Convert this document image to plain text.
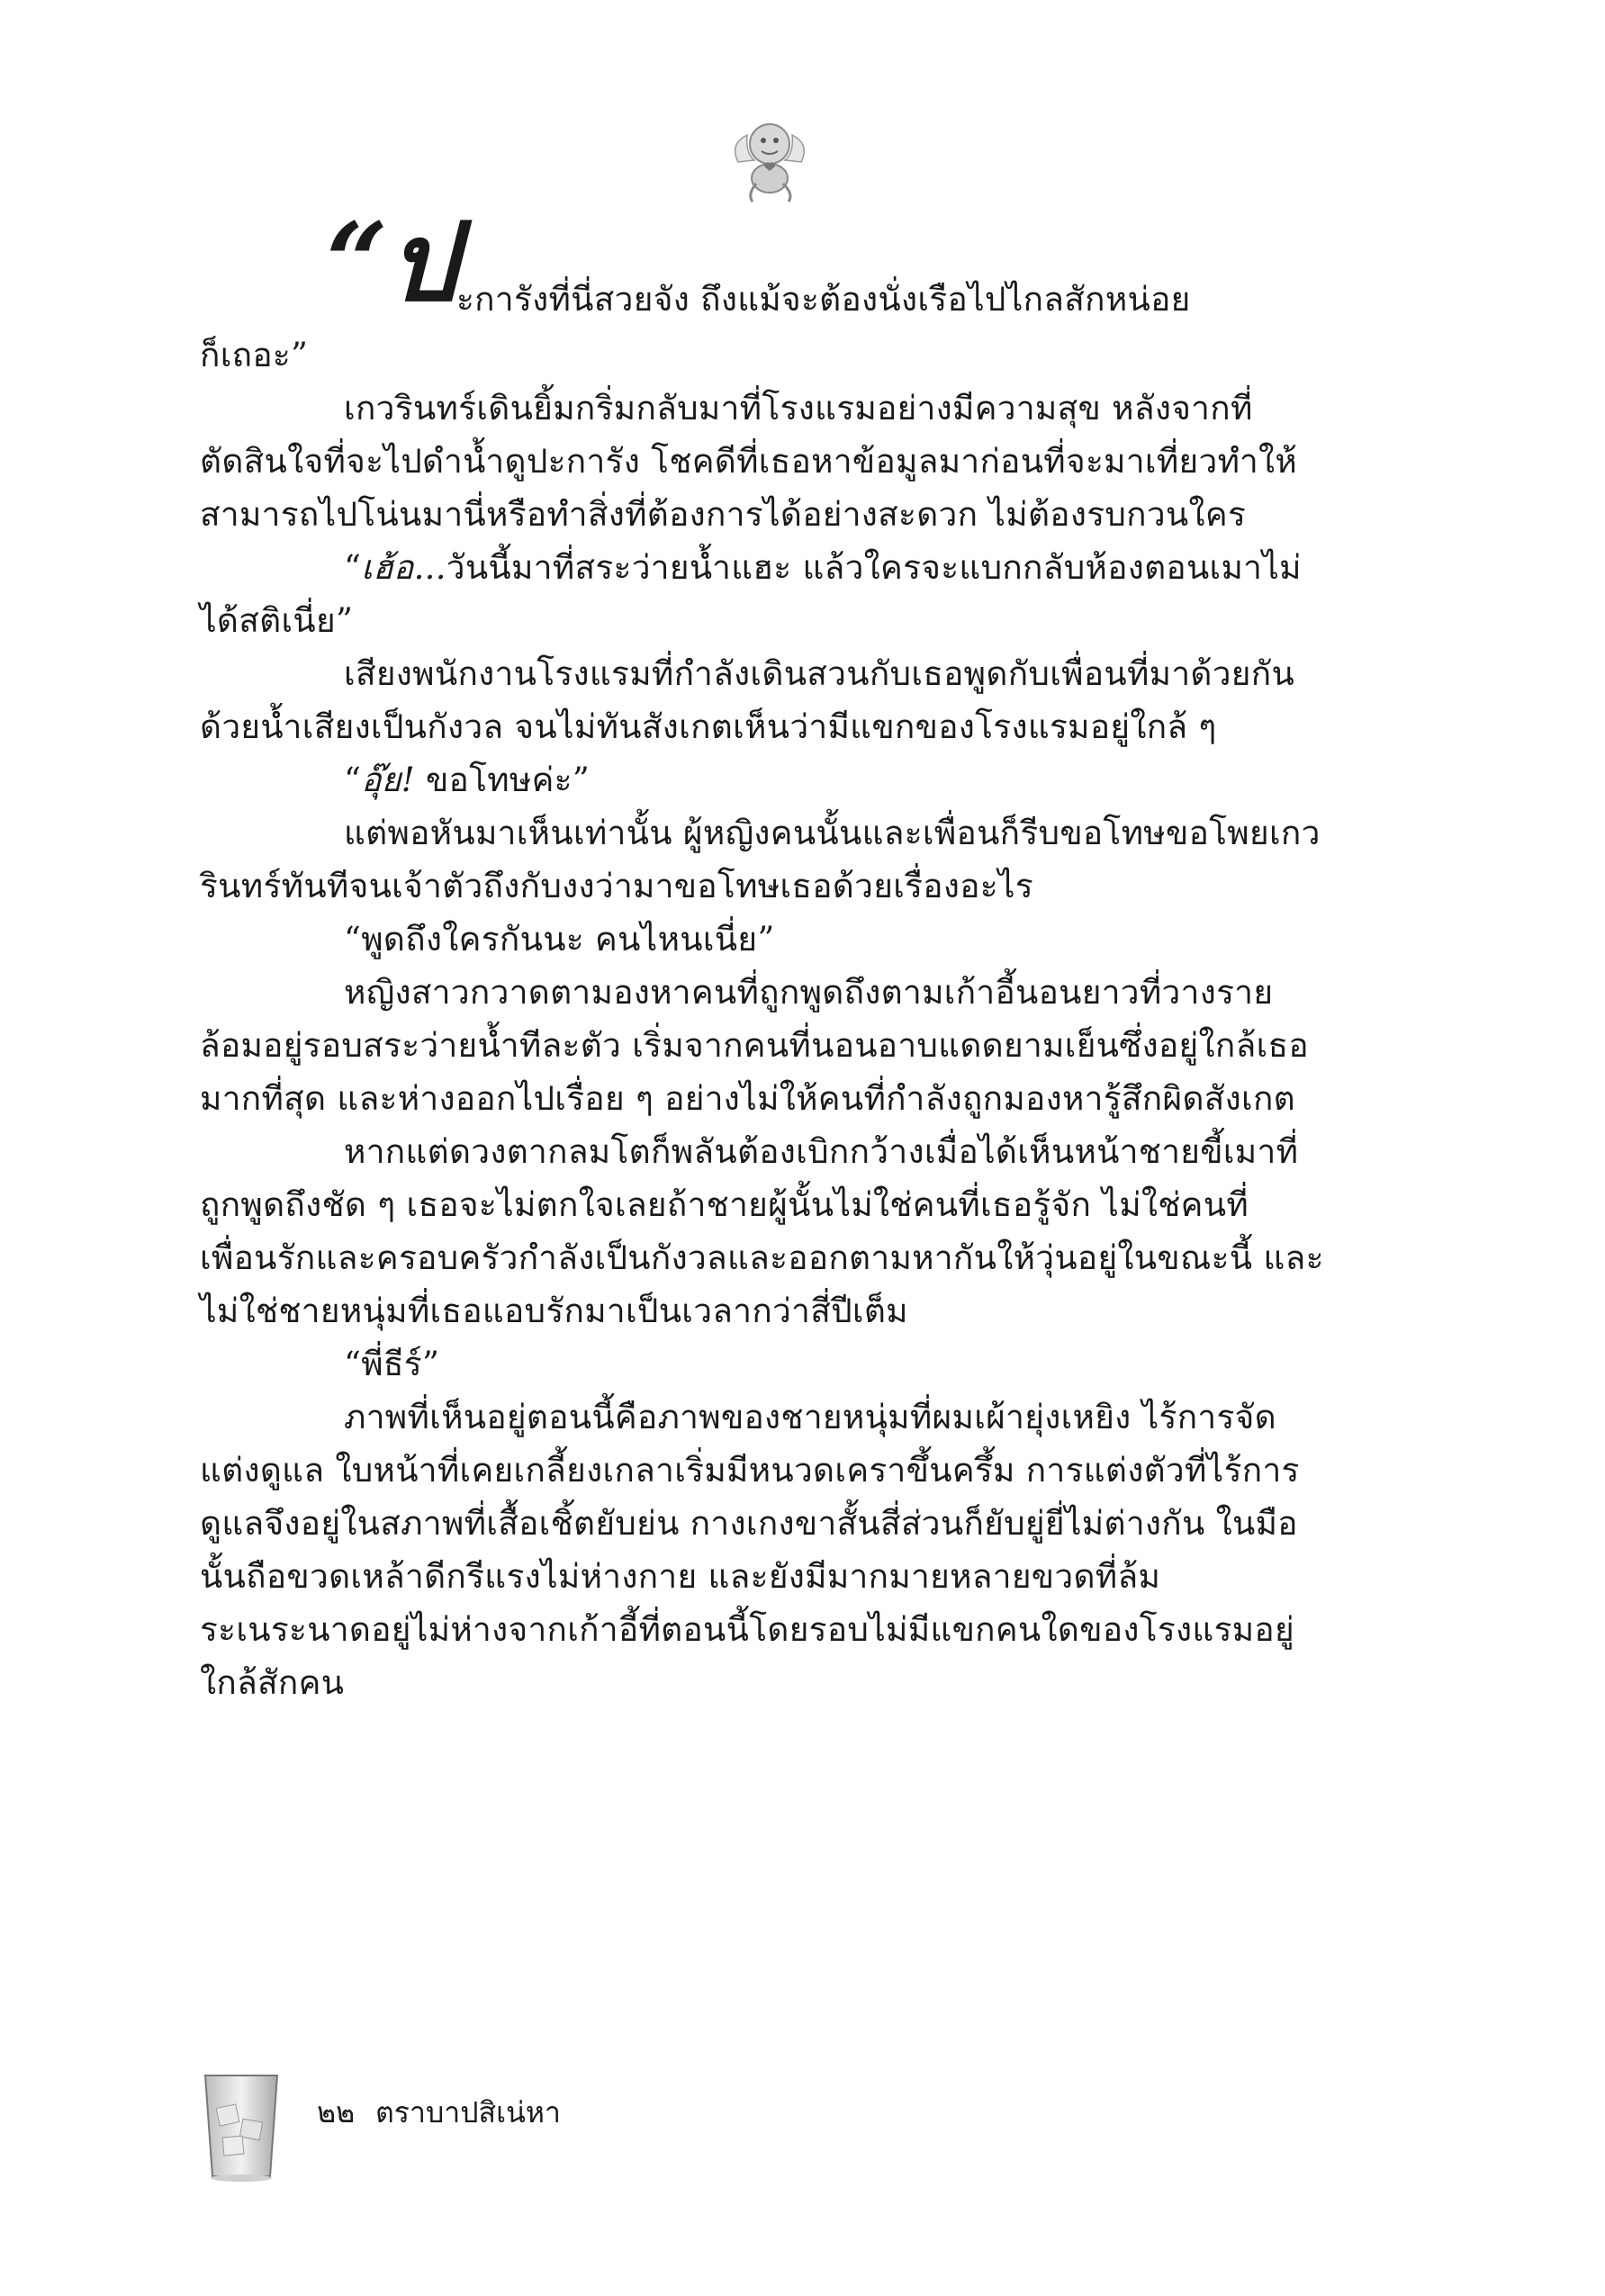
“ป ะการังที่นี่สวยจัง ถึงแม้จะต้องนั่งเรือไปไกลสักหน่อย

ก็เถอะ”

เกวรินทร์เดินยิ้มกริ่มกลับมาที่โรงแรมอย่างมีความสุข หลังจากที่ตัดสินใจที่จะไปดำน้ำดูปะการัง โชคดีที่เธอหาข้อมูลมาก่อนที่จะมาเที่ยวทำให้สามารถไปโน่นมานี่หรือทำสิ่งที่ต้องการได้อย่างสะดวก ไม่ต้องรบกวนใคร

“เฮ้อ...วันนี้มาที่สระว่ายน้ำแฮะ แล้วใครจะแบกกลับห้องตอนเมาไม่ได้สติเนี่ย”

เสียงพนักงานโรงแรมที่กำลังเดินสวนกับเธอพูดกับเพื่อนที่มาด้วยกันด้วยน้ำเสียงเป็นกังวล จนไม่ทันสังเกตเห็นว่ามีแขกของโรงแรมอยู่ใกล้ ๆ

“อุ๊ย! ขอโทษค่ะ”

แต่พอหันมาเห็นเท่านั้น ผู้หญิงคนนั้นและเพื่อนก็รีบขอโทษขอโพยเกวรินทร์ทันทีจนเจ้าตัวถึงกับงงว่ามาขอโทษเธอด้วยเรื่องอะไร

“พูดถึงใครกันนะ คนไหนเนี่ย”

หญิงสาวกวาดตามองหาคนที่ถูกพูดถึงตามเก้าอี้นอนยาวที่วางรายล้อมอยู่รอบสระว่ายน้ำทีละตัว เริ่มจากคนที่นอนอาบแดดยามเย็นซึ่งอยู่ใกล้เธอมากที่สุด และห่างออกไปเรื่อย ๆ อย่างไม่ให้คนที่กำลังถูกมองหารู้สึกผิดสังเกต

หากแต่ดวงตากลมโตก็พลันต้องเบิกกว้างเมื่อได้เห็นหน้าชายขี้เมาที่ถูกพูดถึงชัด ๆ เธอจะไม่ตกใจเลยถ้าชายผู้นั้นไม่ใช่คนที่เธอรู้จัก ไม่ใช่คนที่เพื่อนรักและครอบครัวกำลังเป็นกังวลและออกตามหากันให้วุ่นอยู่ในขณะนี้ และไม่ใช่ชายหนุ่มที่เธอแอบรักมาเป็นเวลากว่าสี่ปีเต็ม

“พี่ธีร์”

ภาพที่เห็นอยู่ตอนนี้คือภาพของชายหนุ่มที่ผมเผ้ายุ่งเหยิง ไร้การจัดแต่งดูแล ใบหน้าที่เคยเกลี้ยงเกลาเริ่มมีหนวดเคราขึ้นครึ้ม การแต่งตัวที่ไร้การดูแลจึงอยู่ในสภาพที่เสื้อเชิ้ตยับย่น กางเกงขาสั้นสี่ส่วนก็ยับยู่ยี่ไม่ต่างกัน ในมือนั้นถือขวดเหล้าดีกรีแรงไม่ห่างกาย และยังมีมากมายหลายขวดที่ล้มระเนระนาดอยู่ไม่ห่างจากเก้าอี้ที่ตอนนี้โดยรอบไม่มีแขกคนใดของโรงแรมอยู่ใกล้สักคน

๒๒ ตราบาปสิเน่หา
